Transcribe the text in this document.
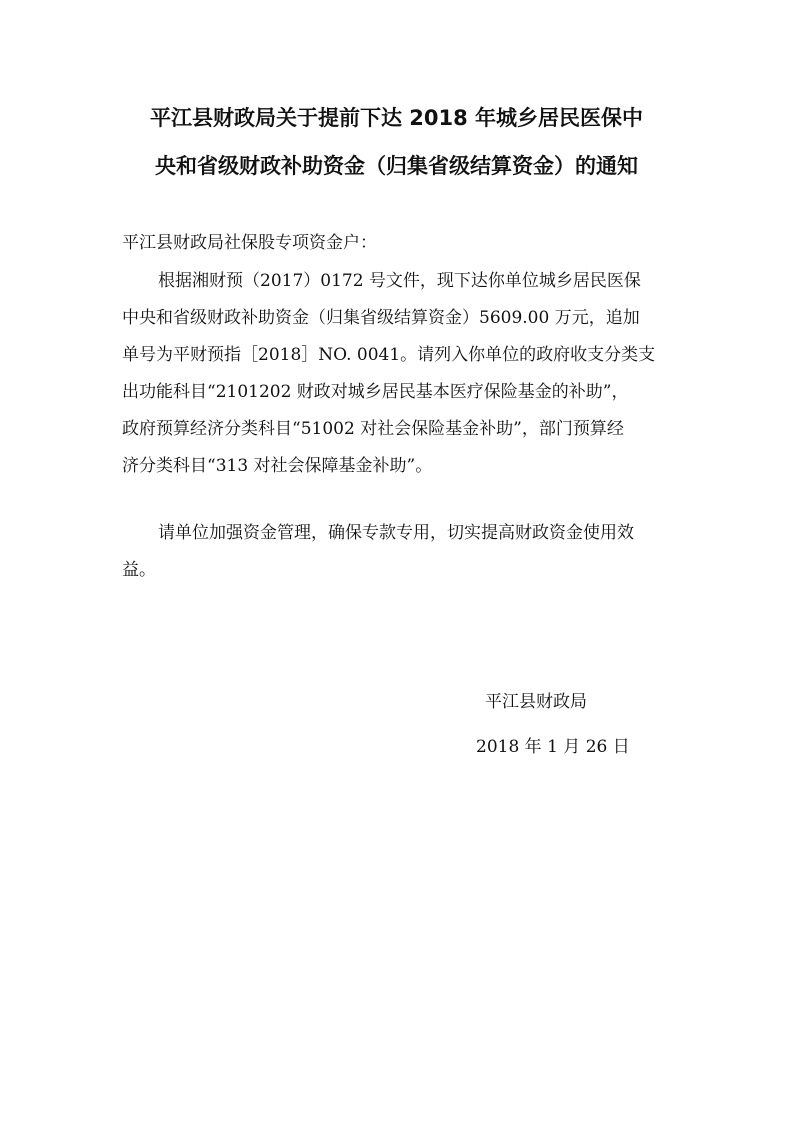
平江县财政局关于提前下达 2018 年城乡居民医保中
央和省级财政补助资金（归集省级结算资金）的通知

平江县财政局社保股专项资金户：

根据湘财预（2017）0172 号文件，现下达你单位城乡居民医保
中央和省级财政补助资金（归集省级结算资金）5609.00 万元，追加
单号为平财预指［2018］NO. 0041。请列入你单位的政府收支分类支
出功能科目“2101202 财政对城乡居民基本医疗保险基金的补助”，
政府预算经济分类科目“51002 对社会保险基金补助”，部门预算经
济分类科目“313 对社会保障基金补助”。
请单位加强资金管理，确保专款专用，切实提高财政资金使用效
益。

平江县财政局

2018 年 1 月 26 日
